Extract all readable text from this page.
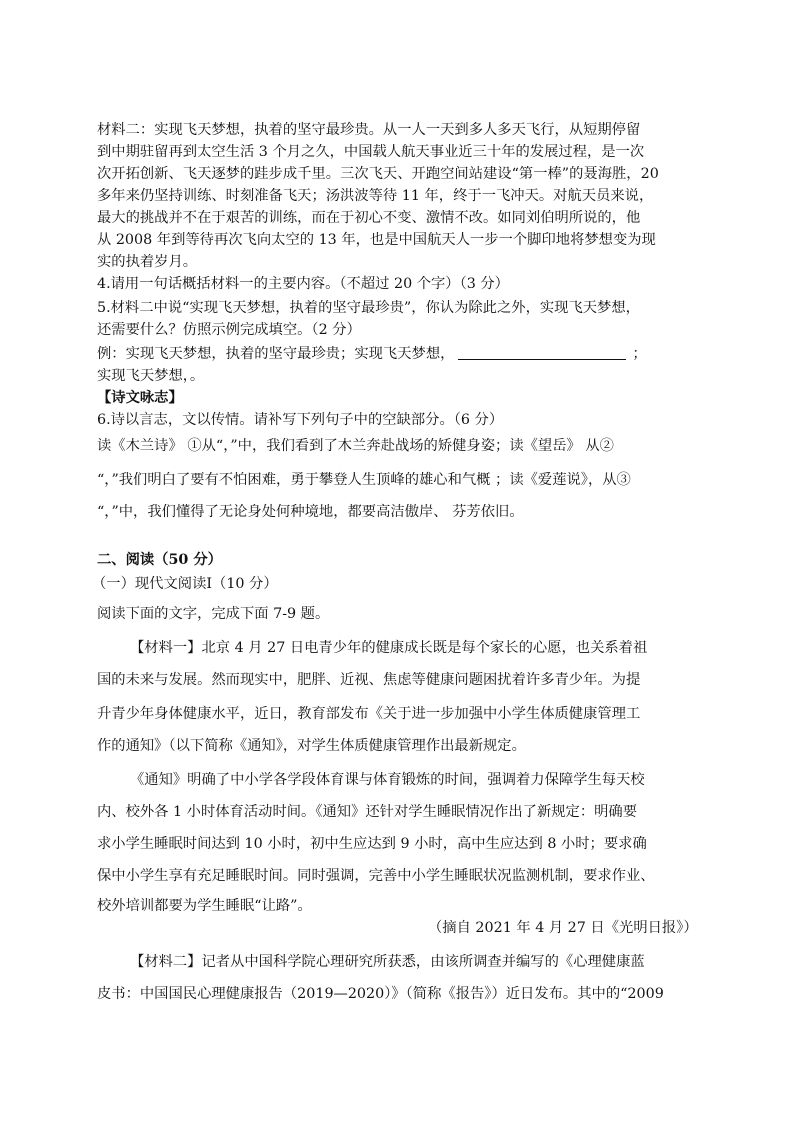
材料二：实现飞天梦想，执着的坚守最珍贵。从一人一天到多人多天飞行，从短期停留
到中期驻留再到太空生活 3 个月之久，中国载人航天事业近三十年的发展过程，是一次
次开拓创新、飞天逐梦的跬步成千里。三次飞天、开跑空间站建设“第一棒”的聂海胜，20
多年来仍坚持训练、时刻准备飞天；汤洪波等待 11 年，终于一飞冲天。对航天员来说，
最大的挑战并不在于艰苦的训练，而在于初心不变、激情不改。如同刘伯明所说的，他
从 2008 年到等待再次飞向太空的 13 年，也是中国航天人一步一个脚印地将梦想变为现
实的执着岁月。
4.请用一句话概括材料一的主要内容。（不超过 20 个字）（3 分）
5.材料二中说“实现飞天梦想，执着的坚守最珍贵”，你认为除此之外，实现飞天梦想，
还需要什么？仿照示例完成填空。（2 分）
例：实现飞天梦想，执着的坚守最珍贵；实现飞天梦想，	；
实现飞天梦想，。
【诗文咏志】
6.诗以言志，文以传情。请补写下列句子中的空缺部分。（6 分）
读《木兰诗》 ①从“，”中，我们看到了木兰奔赴战场的矫健身姿；读《望岳》 从②
“，”我们明白了要有不怕困难，勇于攀登人生顶峰的雄心和气概 ；读《爱莲说》，从③
“，”中，我们懂得了无论身处何种境地，都要高洁傲岸、 芬芳依旧。
二、阅读（50 分）
（一）现代文阅读Ⅰ（10 分）
阅读下面的文字，完成下面 7-9 题。
【材料一】北京 4 月 27 日电青少年的健康成长既是每个家长的心愿，也关系着祖
国的未来与发展。然而现实中，肥胖、近视、焦虑等健康问题困扰着许多青少年。为提
升青少年身体健康水平，近日，教育部发布《关于进一步加强中小学生体质健康管理工
作的通知》（以下简称《通知》，对学生体质健康管理作出最新规定。
《通知》明确了中小学各学段体育课与体育锻炼的时间，强调着力保障学生每天校
内、校外各 1 小时体育活动时间。《通知》还针对学生睡眠情况作出了新规定：明确要
求小学生睡眠时间达到 10 小时，初中生应达到 9 小时，高中生应达到 8 小时；要求确
保中小学生享有充足睡眠时间。同时强调，完善中小学生睡眠状况监测机制，要求作业、
校外培训都要为学生睡眠“让路”。
（摘自 2021 年 4 月 27 日《光明日报》）
【材料二】记者从中国科学院心理研究所获悉，由该所调查并编写的《心理健康蓝
皮书：中国国民心理健康报告（2019—2020）》（简称《报告》）近日发布。其中的“2009
